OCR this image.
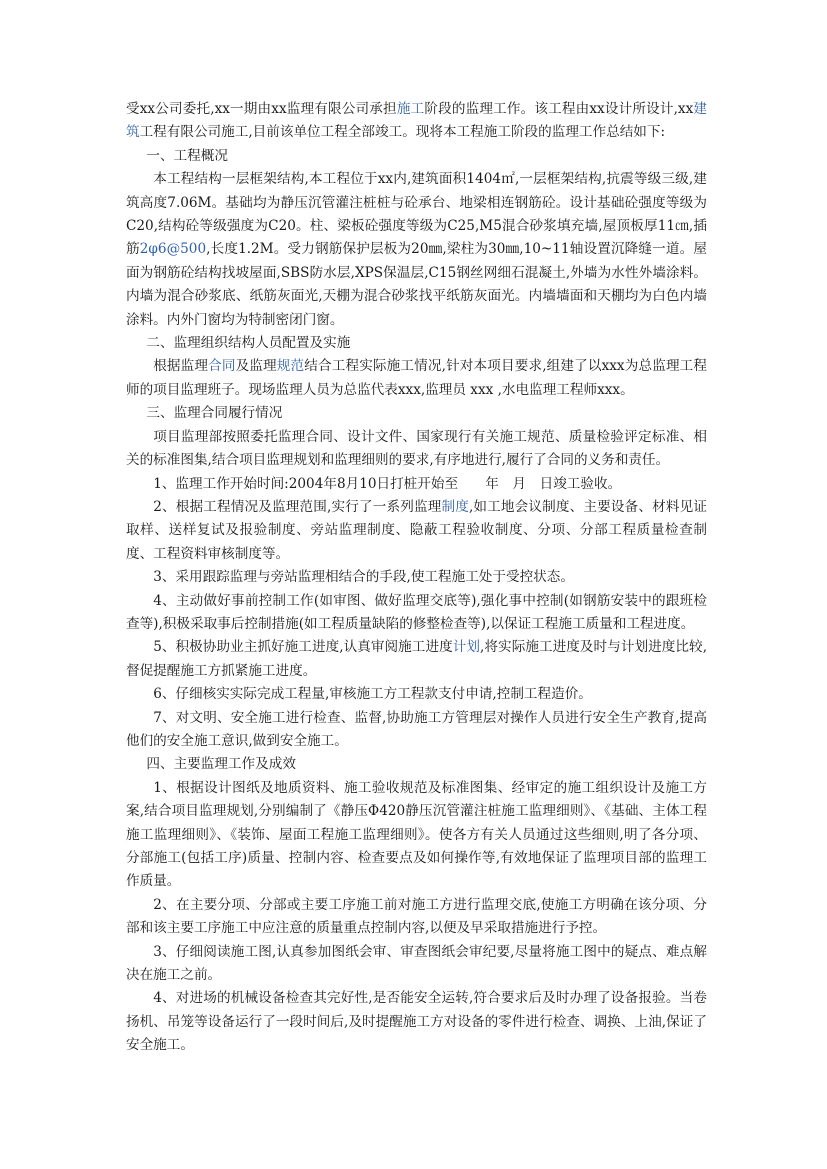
受xx公司委托,xx一期由xx监理有限公司承担施工阶段的监理工作。该工程由xx设计所设计,xx建筑工程有限公司施工,目前该单位工程全部竣工。现将本工程施工阶段的监理工作总结如下:

一、工程概况

本工程结构一层框架结构,本工程位于xx内,建筑面积1404㎡,一层框架结构,抗震等级三级,建筑高度7.06M。基础均为静压沉管灌注桩桩与砼承台、地梁相连钢筋砼。设计基础砼强度等级为C20,结构砼等级强度为C20。柱、梁板砼强度等级为C25,M5混合砂浆填充墙,屋顶板厚11㎝,插筋2φ6@500,长度1.2M。受力钢筋保护层板为20㎜,梁柱为30㎜,10~11轴设置沉降缝一道。屋面为钢筋砼结构找坡屋面,SBS防水层,XPS保温层,C15钢丝网细石混凝土,外墙为水性外墙涂料。内墙为混合砂浆底、纸筋灰面光,天棚为混合砂浆找平纸筋灰面光。内墙墙面和天棚均为白色内墙涂料。内外门窗均为特制密闭门窗。

二、监理组织结构人员配置及实施

根据监理合同及监理规范结合工程实际施工情况,针对本项目要求,组建了以xxx为总监理工程师的项目监理班子。现场监理人员为总监代表xxx,监理员 xxx ,水电监理工程师xxx。

三、监理合同履行情况

项目监理部按照委托监理合同、设计文件、国家现行有关施工规范、质量检验评定标准、相关的标准图集,结合项目监理规划和监理细则的要求,有序地进行,履行了合同的义务和责任。

1、监理工作开始时间:2004年8月10日打桩开始至　　年　月　日竣工验收。

2、根据工程情况及监理范围,实行了一系列监理制度,如工地会议制度、主要设备、材料见证取样、送样复试及报验制度、旁站监理制度、隐蔽工程验收制度、分项、分部工程质量检查制度、工程资料审核制度等。

3、采用跟踪监理与旁站监理相结合的手段,使工程施工处于受控状态。

4、主动做好事前控制工作(如审图、做好监理交底等),强化事中控制(如钢筋安装中的跟班检查等),积极采取事后控制措施(如工程质量缺陷的修整检查等),以保证工程施工质量和工程进度。

5、积极协助业主抓好施工进度,认真审阅施工进度计划,将实际施工进度及时与计划进度比较,督促提醒施工方抓紧施工进度。

6、仔细核实实际完成工程量,审核施工方工程款支付申请,控制工程造价。

7、对文明、安全施工进行检查、监督,协助施工方管理层对操作人员进行安全生产教育,提高他们的安全施工意识,做到安全施工。

四、主要监理工作及成效

1、根据设计图纸及地质资料、施工验收规范及标准图集、经审定的施工组织设计及施工方案,结合项目监理规划,分别编制了《静压Φ420静压沉管灌注桩施工监理细则》、《基础、主体工程施工监理细则》、《装饰、屋面工程施工监理细则》。使各方有关人员通过这些细则,明了各分项、分部施工(包括工序)质量、控制内容、检查要点及如何操作等,有效地保证了监理项目部的监理工作质量。

2、在主要分项、分部或主要工序施工前对施工方进行监理交底,使施工方明确在该分项、分部和该主要工序施工中应注意的质量重点控制内容,以便及早采取措施进行予控。

3、仔细阅读施工图,认真参加图纸会审、审查图纸会审纪要,尽量将施工图中的疑点、难点解决在施工之前。

4、对进场的机械设备检查其完好性,是否能安全运转,符合要求后及时办理了设备报验。当卷扬机、吊笼等设备运行了一段时间后,及时提醒施工方对设备的零件进行检查、调换、上油,保证了安全施工。
